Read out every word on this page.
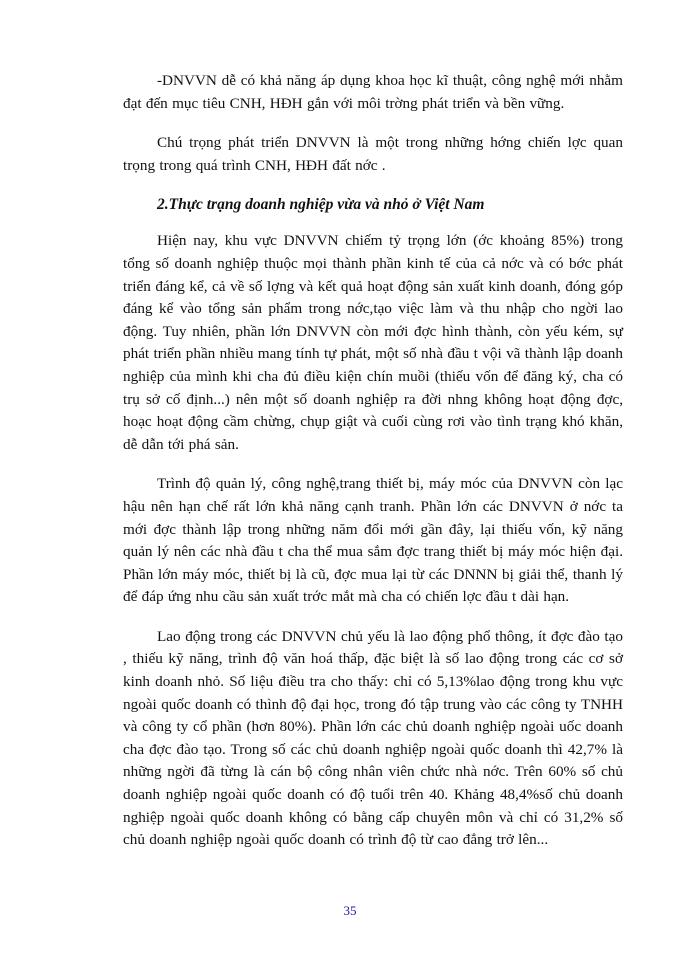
-DNVVN dễ có khả năng áp dụng khoa học kĩ thuật, công nghệ mới nhằm đạt đến mục tiêu CNH, HĐH gắn với môi trờng phát triển và bền vững.

Chú trọng phát triển DNVVN là một trong những hớng chiến lợc quan trọng trong quá trình CNH, HĐH đất nớc .

2.Thực trạng doanh nghiệp vừa và nhỏ ở Việt Nam

Hiện nay, khu vực DNVVN chiếm tỷ trọng lớn (ớc khoảng 85%) trong tổng số doanh nghiệp thuộc mọi thành phần kinh tế của cả nớc và có bớc phát triển đáng kể, cả về số lợng và kết quả hoạt động sản xuất kinh doanh, đóng góp đáng kể vào tổng sản phẩm trong nớc,tạo việc làm và thu nhập cho ngời lao động. Tuy nhiên, phần lớn DNVVN còn mới đợc hình thành, còn yếu kém, sự phát triển phần nhiều mang tính tự phát, một số nhà đầu t vội vã thành lập doanh nghiệp của mình khi cha đủ điều kiện chín muồi (thiếu vốn để đăng ký, cha có trụ sở cố định...) nên một số doanh nghiệp ra đời nhng không hoạt động đợc, hoạc hoạt động cầm chừng, chụp giật và cuối cùng rơi vào tình trạng khó khăn, dễ dẫn tới phá sản.

Trình độ quản lý, công nghệ,trang thiết bị, máy móc của DNVVN còn lạc hậu nên hạn chế rất lớn khả năng cạnh tranh. Phần lớn các DNVVN ở nớc ta mới đợc thành lập trong những năm đổi mới gần đây, lại thiếu vốn, kỹ năng quản lý nên các nhà đầu t cha thể mua sắm đợc trang thiết bị máy móc hiện đại. Phần lớn máy móc, thiết bị là cũ, đợc mua lại từ các DNNN bị giải thể, thanh lý để đáp ứng nhu cầu sản xuất trớc mắt mà cha có chiến lợc đầu t dài hạn.

Lao động trong các DNVVN chủ yếu là lao động phổ thông, ít đợc đào tạo , thiếu kỹ năng, trình độ văn hoá thấp, đặc biệt là số lao động trong các cơ sở kinh doanh nhỏ. Số liệu điều tra cho thấy: chỉ có 5,13%lao động trong khu vực ngoài quốc doanh có thình độ đại học, trong đó tập trung vào các công ty TNHH và công ty cổ phần (hơn 80%). Phần lớn các chủ doanh nghiệp ngoài uốc doanh cha đợc đào tạo. Trong số các chủ doanh nghiệp ngoài quốc doanh thì 42,7% là những ngời đã từng là cán bộ công nhân viên chức nhà nớc. Trên 60% số chủ doanh nghiệp ngoài quốc doanh có độ tuổi trên 40. Khảng 48,4%số chủ doanh nghiệp ngoài quốc doanh không có bằng cấp chuyên môn và chỉ có 31,2% số chủ doanh nghiệp ngoài quốc doanh có trình độ từ cao đẳng trở lên...

35
